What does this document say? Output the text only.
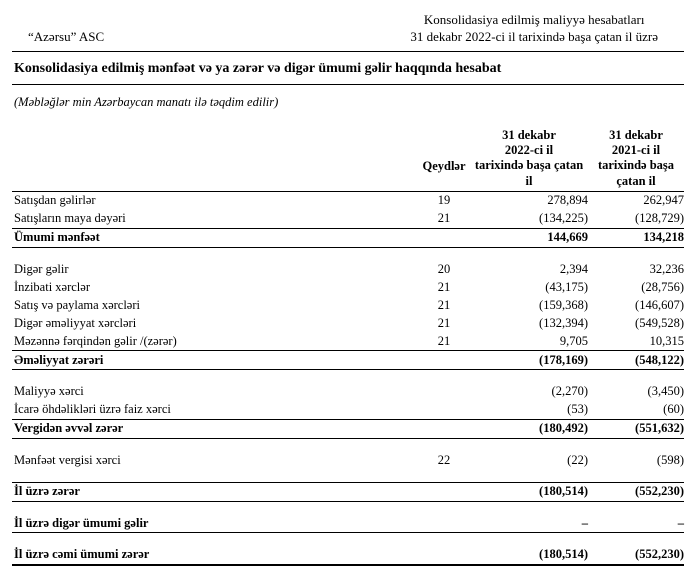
“Azərsu” ASC
Konsolidasiya edilmiş maliyyə hesabatları
31 dekabr 2022-ci il tarixində başa çatan il üzrə
Konsolidasiya edilmiş mənfəət və ya zərər və digər ümumi gəlir haqqında hesabat
(Məbləğlər min Azərbaycan manatı ilə təqdim edilir)
	Qeydlər	
31 dekabr
2022-ci il
tarixində başa çatan
il

31 dekabr
2021-ci il
tarixində başa
çatan il

Satışdan gəlirlər	19	278,894	262,947
Satışların maya dəyəri	21	(134,225)	(128,729)
Ümumi mənfəət		144,669	134,218

Digər gəlir	20	2,394	32,236
İnzibati xərclər	21	(43,175)	(28,756)
Satış və paylama xərcləri	21	(159,368)	(146,607)
Digər əməliyyat xərcləri	21	(132,394)	(549,528)
Məzənnə fərqindən gəlir /(zərər)	21	9,705	10,315
Əməliyyat zərəri		(178,169)	(548,122)

Maliyyə xərci		(2,270)	(3,450)
İcarə öhdəlikləri üzrə faiz xərci		(53)	(60)
Vergidən əvvəl zərər		(180,492)	(551,632)

Mənfəət vergisi xərci	22	(22)	(598)

İl üzrə zərər		(180,514)	(552,230)

İl üzrə digər ümumi gəlir		–	–

İl üzrə cəmi ümumi zərər		(180,514)	(552,230)
